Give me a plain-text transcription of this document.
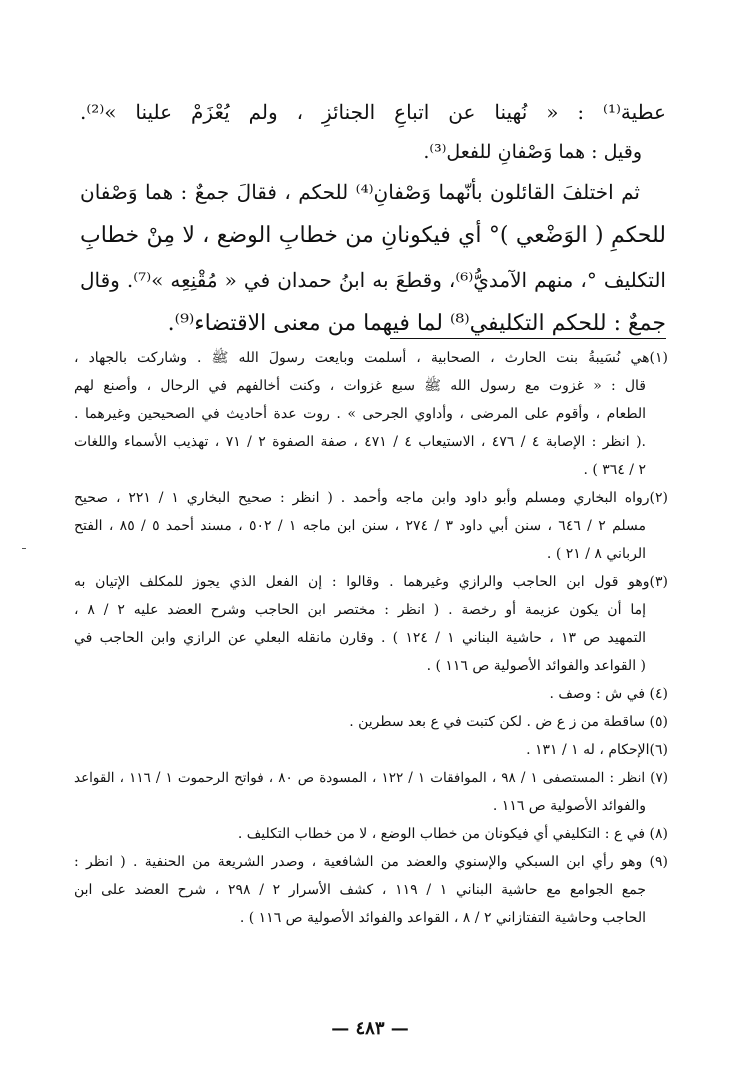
عطية⁽¹⁾ : « نُهينا عن اتباعِ الجنائزِ ، ولم يُعْزَمْ علينا »⁽²⁾.
وقيل : هما وَصْفانِ للفعل⁽³⁾.
ثم اختلفَ القائلون بأنّهما وَصْفانِ⁽⁴⁾ للحكم ، فقالَ جمعٌ : هما وَصْفان
للحكمِ ( الوَضْعي )° أي فيكونانِ من خطابِ الوضع ، لا مِنْ خطابِ
التكليف °، منهم الآمديُّ⁽⁶⁾، وقطعَ به ابنُ حمدان في « مُقْنِعِه »⁽⁷⁾. وقال
جمعٌ : للحكم التكليفي⁽⁸⁾ لما فيهما من معنى الاقتضاء⁽⁹⁾.
(١)هي نُسَيبةُ بنت الحارث ، الصحابية ، أسلمت وبايعت رسولَ الله ﷺ . وشاركت بالجهاد ،
قال : « غزوت مع رسول الله ﷺ سبع غزوات ، وكنت أخالفهم في الرحال ، وأصنع لهم
الطعام ، وأقوم على المرضى ، وأداوي الجرحى » . روت عدة أحاديث في الصحيحين وغيرهما .
.( انظر : الإصابة ٤ / ٤٧٦ ، الاستيعاب ٤ / ٤٧١ ، صفة الصفوة ٢ / ٧١ ، تهذيب الأسماء واللغات
٢ / ٣٦٤ ) .
(٢)رواه البخاري ومسلم وأبو داود وابن ماجه وأحمد . ( انظر : صحيح البخاري ١ / ٢٢١ ، صحيح
مسلم ٢ / ٦٤٦ ، سنن أبي داود ٣ / ٢٧٤ ، سنن ابن ماجه ١ / ٥٠٢ ، مسند أحمد ٥ / ٨٥ ، الفتح
الرباني ٨ / ٢١ ) .
(٣)وهو قول ابن الحاجب والرازي وغيرهما . وقالوا : إن الفعل الذي يجوز للمكلف الإتيان به
إما أن يكون عزيمة أو رخصة . ( انظر : مختصر ابن الحاجب وشرح العضد عليه ٢ / ٨ ،
التمهيد ص ١٣ ، حاشية البناني ١ / ١٢٤ ) . وقارن مانقله البعلي عن الرازي وابن الحاجب في
( القواعد والفوائد الأصولية ص ١١٦ ) .
(٤) في ش : وصف .
(٥) ساقطة من ز ع ض . لكن كتبت في ع بعد سطرين .
(٦)الإحكام ، له ١ / ١٣١ .
(٧) انظر : المستصفى ١ / ٩٨ ، الموافقات ١ / ١٢٢ ، المسودة ص ٨٠ ، فواتح الرحموت ١ / ١١٦ ، القواعد
والفوائد الأصولية ص ١١٦ .
(٨) في ع : التكليفي أي فيكونان من خطاب الوضع ، لا من خطاب التكليف .
(٩) وهو رأي ابن السبكي والإسنوي والعضد من الشافعية ، وصدر الشريعة من الحنفية . ( انظر :
جمع الجوامع مع حاشية البناني ١ / ١١٩ ، كشف الأسرار ٢ / ٢٩٨ ، شرح العضد على ابن
الحاجب وحاشية التفتازاني ٢ / ٨ ، القواعد والفوائد الأصولية ص ١١٦ ) .
— ٤٨٣ —
